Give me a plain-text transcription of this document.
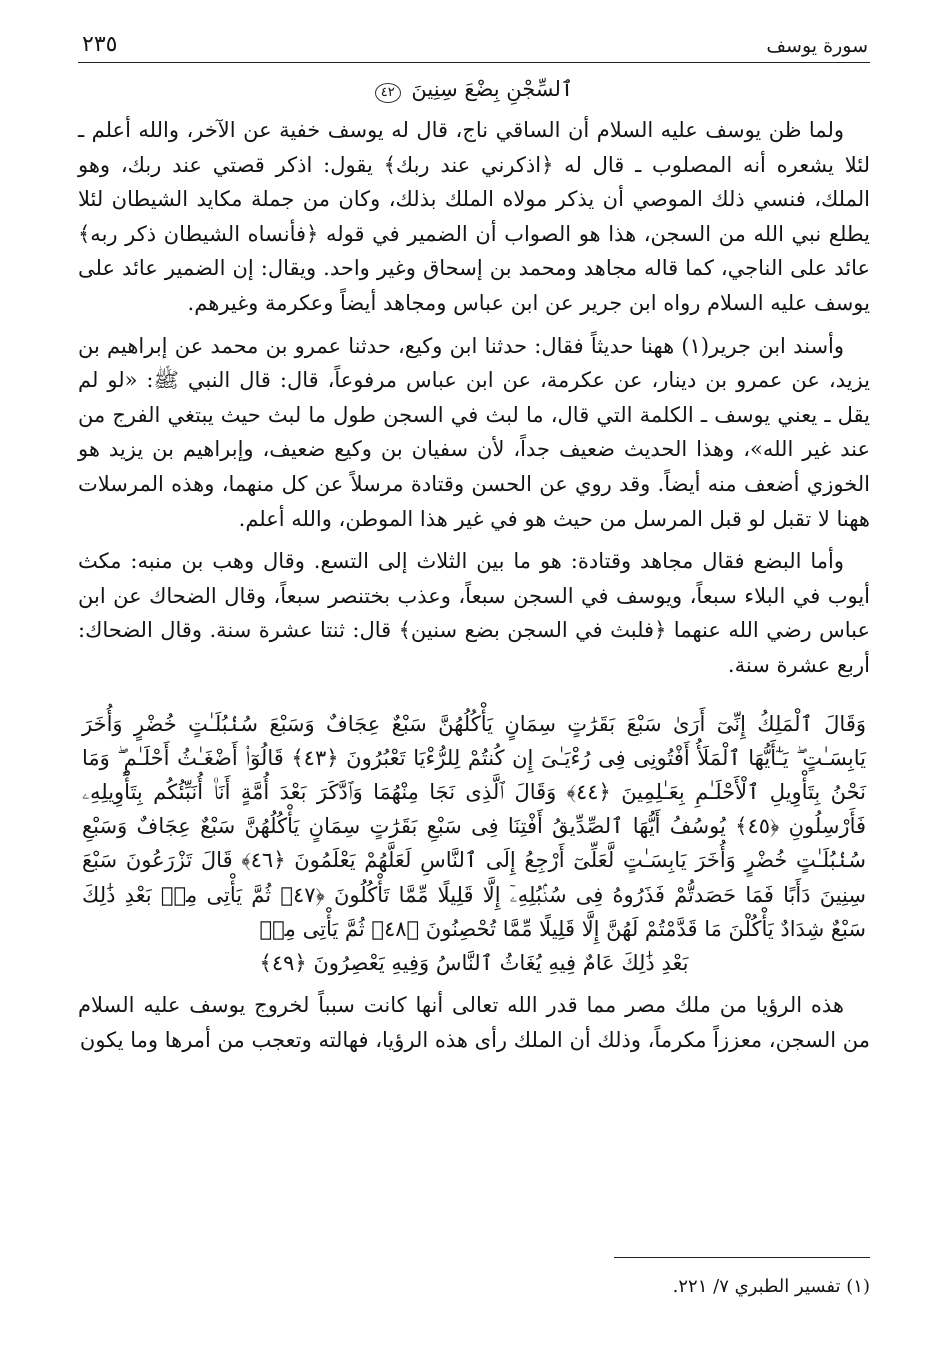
سورة يوسف
٢٣٥
ٱلسِّجْنِ بِضْعَ سِنِينَ ٤٢

ولما ظن يوسف عليه السلام أن الساقي ناج، قال له يوسف خفية عن الآخر، والله أعلم ـ لئلا يشعره أنه المصلوب ـ قال له ﴿اذكرني عند ربك﴾ يقول: اذكر قصتي عند ربك، وهو الملك، فنسي ذلك الموصي أن يذكر مولاه الملك بذلك، وكان من جملة مكايد الشيطان لئلا يطلع نبي الله من السجن، هذا هو الصواب أن الضمير في قوله ﴿فأنساه الشيطان ذكر ربه﴾ عائد على الناجي، كما قاله مجاهد ومحمد بن إسحاق وغير واحد. ويقال: إن الضمير عائد على يوسف عليه السلام رواه ابن جرير عن ابن عباس ومجاهد أيضاً وعكرمة وغيرهم.

وأسند ابن جرير(١) ههنا حديثاً فقال: حدثنا ابن وكيع، حدثنا عمرو بن محمد عن إبراهيم بن يزيد، عن عمرو بن دينار، عن عكرمة، عن ابن عباس مرفوعاً، قال: قال النبي ﷺ: «لو لم يقل ـ يعني يوسف ـ الكلمة التي قال، ما لبث في السجن طول ما لبث حيث يبتغي الفرج من عند غير الله»، وهذا الحديث ضعيف جداً، لأن سفيان بن وكيع ضعيف، وإبراهيم بن يزيد هو الخوزي أضعف منه أيضاً. وقد روي عن الحسن وقتادة مرسلاً عن كل منهما، وهذه المرسلات ههنا لا تقبل لو قبل المرسل من حيث هو في غير هذا الموطن، والله أعلم.

وأما البضع فقال مجاهد وقتادة: هو ما بين الثلاث إلى التسع. وقال وهب بن منبه: مكث أيوب في البلاء سبعاً، ويوسف في السجن سبعاً، وعذب بختنصر سبعاً، وقال الضحاك عن ابن عباس رضي الله عنهما ﴿فلبث في السجن بضع سنين﴾ قال: ثنتا عشرة سنة. وقال الضحاك: أربع عشرة سنة.

وَقَالَ ٱلْمَلِكُ إِنِّىٓ أَرَىٰ سَبْعَ بَقَرَٰتٍ سِمَانٍ يَأْكُلُهُنَّ سَبْعٌ عِجَافٌ وَسَبْعَ سُنۢبُلَـٰتٍ خُضْرٍ وَأُخَرَ يَابِسَـٰتٍ ۖ يَـٰٓأَيُّهَا ٱلْمَلَأُ أَفْتُونِى فِى رُءْيَـٰىَ إِن كُنتُمْ لِلرُّءْيَا تَعْبُرُونَ ﴿٤٣﴾ قَالُوٓا۟ أَضْغَـٰثُ أَحْلَـٰمٍ ۖ وَمَا نَحْنُ بِتَأْوِيلِ ٱلْأَحْلَـٰمِ بِعَـٰلِمِينَ ﴿٤٤﴾ وَقَالَ ٱلَّذِى نَجَا مِنْهُمَا وَٱدَّكَرَ بَعْدَ أُمَّةٍ أَنَا۠ أُنَبِّئُكُم بِتَأْوِيلِهِۦ فَأَرْسِلُونِ ﴿٤٥﴾ يُوسُفُ أَيُّهَا ٱلصِّدِّيقُ أَفْتِنَا فِى سَبْعِ بَقَرَٰتٍ سِمَانٍ يَأْكُلُهُنَّ سَبْعٌ عِجَافٌ وَسَبْعِ سُنۢبُلَـٰتٍ خُضْرٍ وَأُخَرَ يَابِسَـٰتٍ لَّعَلِّىٓ أَرْجِعُ إِلَى ٱلنَّاسِ لَعَلَّهُمْ يَعْلَمُونَ ﴿٤٦﴾ قَالَ تَزْرَعُونَ سَبْعَ سِنِينَ دَأَبًا فَمَا حَصَدتُّمْ فَذَرُوهُ فِى سُنۢبُلِهِۦٓ إِلَّا قَلِيلًا مِّمَّا تَأْكُلُونَ ﴿٤٧﴾ ثُمَّ يَأْتِى مِنۢ بَعْدِ ذَٰلِكَ سَبْعٌ شِدَادٌ يَأْكُلْنَ مَا قَدَّمْتُمْ لَهُنَّ إِلَّا قَلِيلًا مِّمَّا تُحْصِنُونَ ﴿٤٨﴾ ثُمَّ يَأْتِى مِنۢ
بَعْدِ ذَٰلِكَ عَامٌ فِيهِ يُغَاثُ ٱلنَّاسُ وَفِيهِ يَعْصِرُونَ ﴿٤٩﴾

هذه الرؤيا من ملك مصر مما قدر الله تعالى أنها كانت سبباً لخروج يوسف عليه السلام من السجن، معززاً مكرماً، وذلك أن الملك رأى هذه الرؤيا، فهالته وتعجب من أمرها وما يكون

(١) تفسير الطبري ٧/ ٢٢١.
